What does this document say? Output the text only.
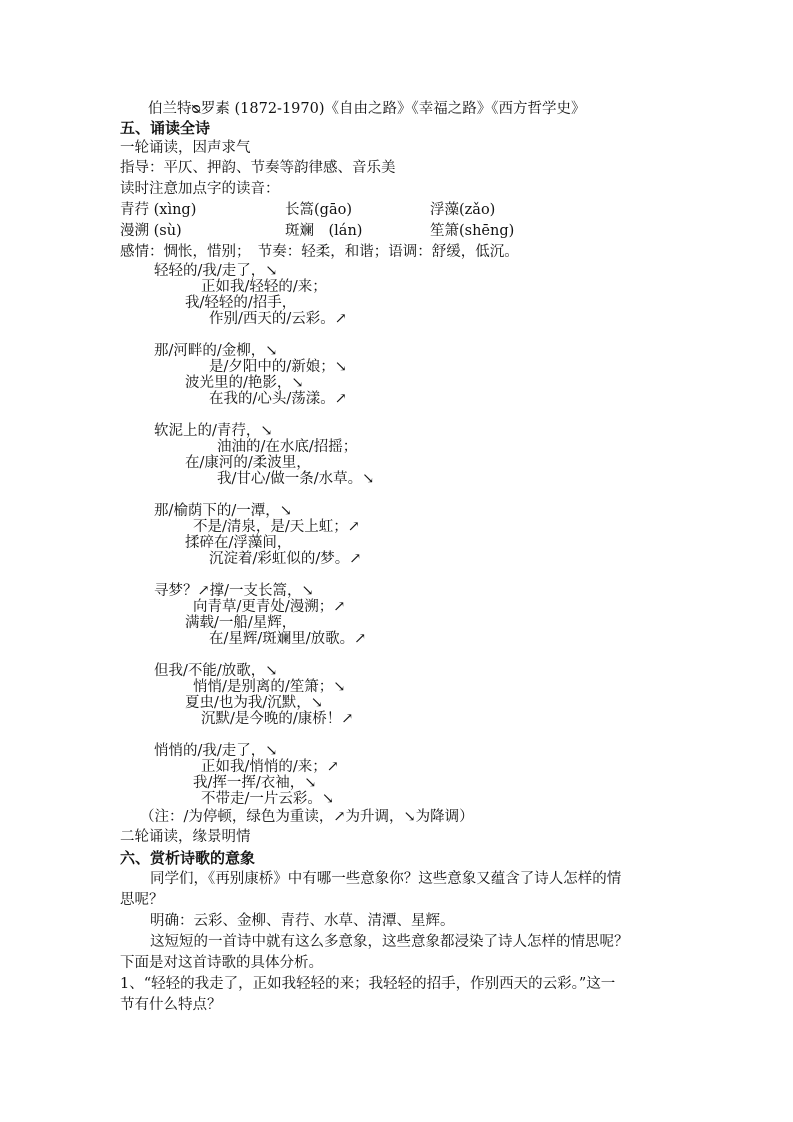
伯兰特ᴓ罗素 (1872-1970)《自由之路》《幸福之路》《西方哲学史》
五、诵读全诗
一轮诵读，因声求气
指导：平仄、押韵、节奏等韵律感、音乐美
读时注意加点字的读音：
青荇 (xìng)	长篙(gāo)	浮藻(zǎo)
漫溯 (sù)	斑斓　(lán)	笙箫(shēng)
感情：惆怅，惜别；　节奏：轻柔，和谐；语调：舒缓，低沉。
轻轻的/我/走了，↘
正如我/轻轻的/来；
我/轻轻的/招手，
作别/西天的/云彩。↗
那/河畔的/金柳，↘
是/夕阳中的/新娘；↘
波光里的/艳影，↘
在我的/心头/荡漾。↗
软泥上的/青荇，↘
油油的/在水底/招摇；
在/康河的/柔波里，
我/甘心/做一条/水草。↘
那/榆荫下的/一潭，↘
不是/清泉，是/天上虹；↗
揉碎在/浮藻间，
沉淀着/彩虹似的/梦。↗
寻梦？↗撑/一支长篙，↘
向青草/更青处/漫溯；↗
满载/一船/星辉，
在/星辉/斑斓里/放歌。↗
但我/不能/放歌，↘
悄悄/是别离的/笙箫；↘
夏虫/也为我/沉默，↘
沉默/是今晚的/康桥！↗
悄悄的/我/走了，↘
正如我/悄悄的/来；↗
我/挥一挥/衣袖，↘
不带走/一片云彩。↘
（注：/为停顿，绿色为重读，↗为升调，↘为降调）
二轮诵读，缘景明情
六、赏析诗歌的意象
同学们，《再别康桥》中有哪一些意象你？这些意象又蕴含了诗人怎样的情
思呢？
明确：云彩、金柳、青荇、水草、清潭、星辉。
这短短的一首诗中就有这么多意象，这些意象都浸染了诗人怎样的情思呢？
下面是对这首诗歌的具体分析。
1、“轻轻的我走了，正如我轻轻的来；我轻轻的招手，作别西天的云彩。”这一
节有什么特点？
